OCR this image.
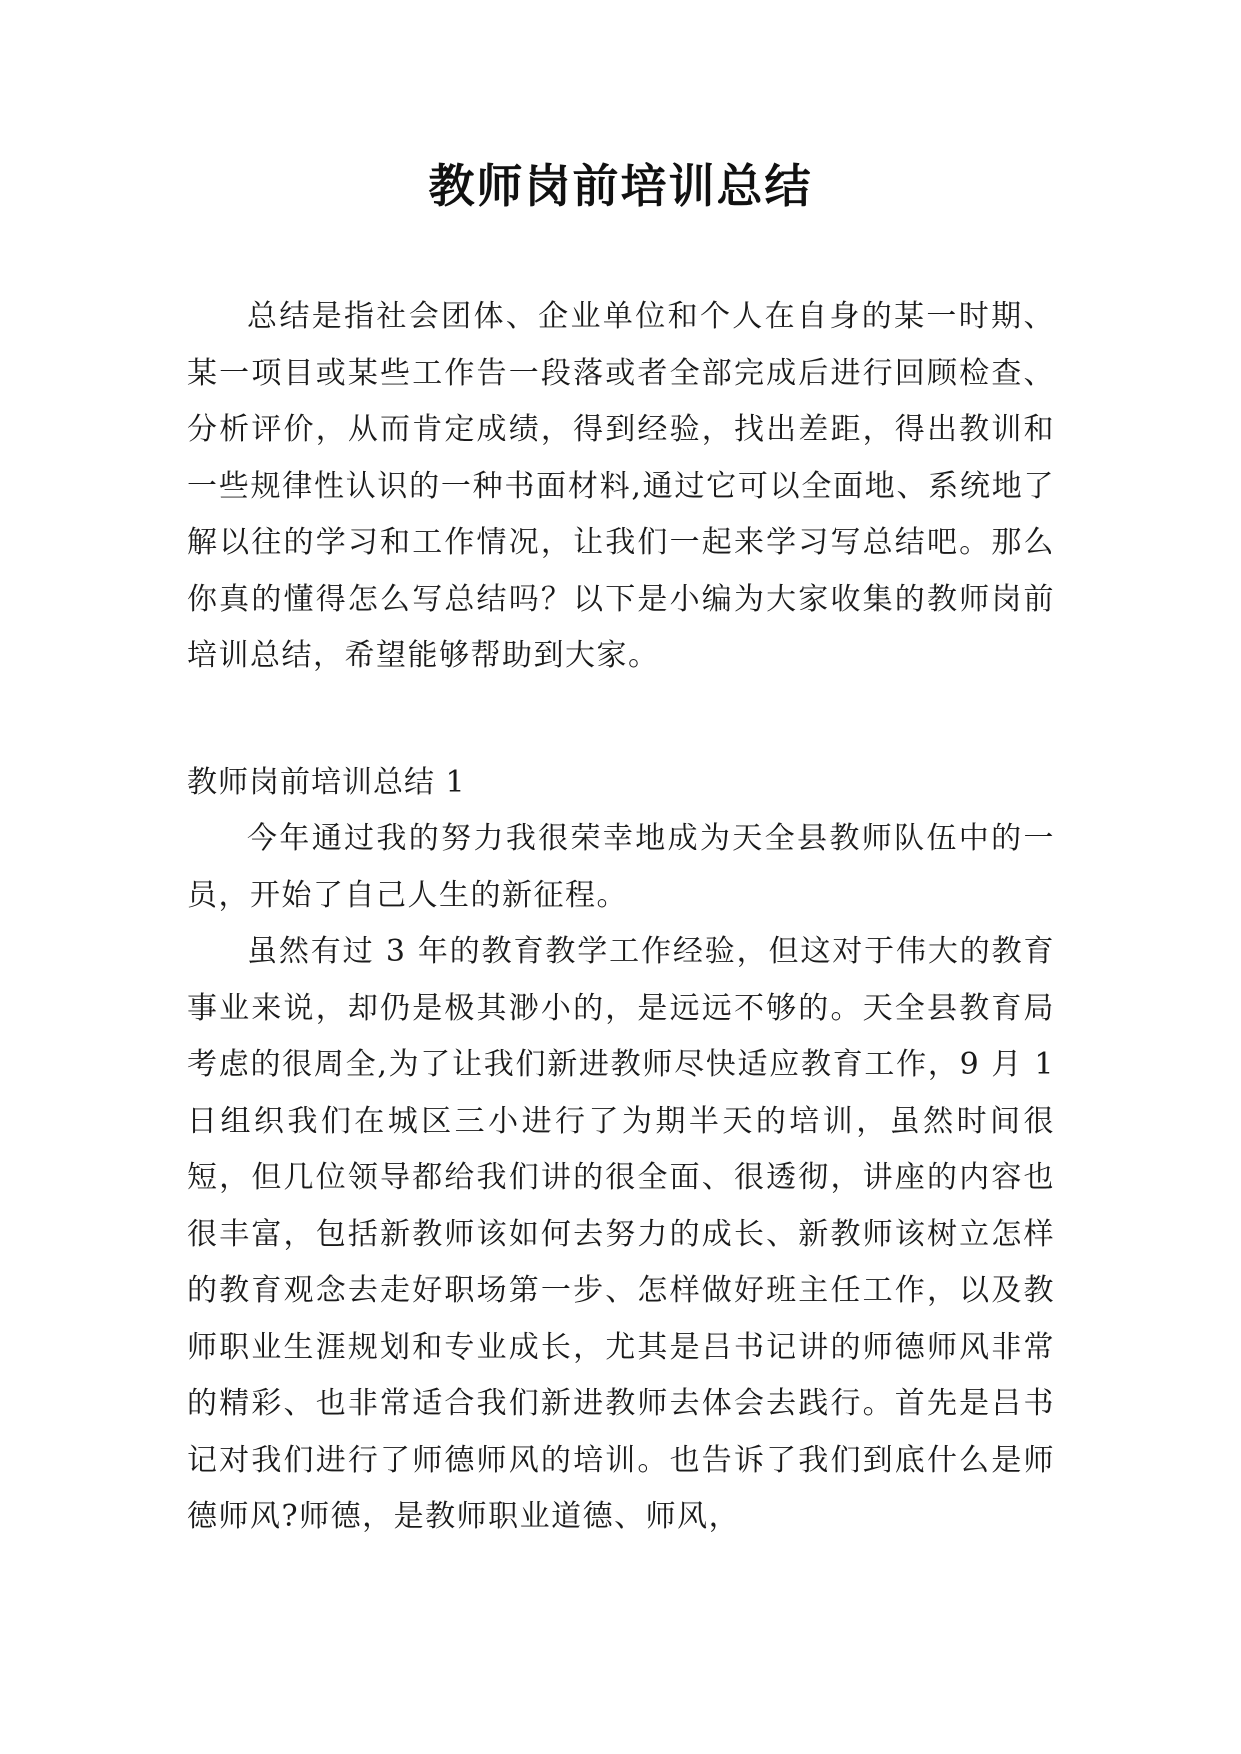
教师岗前培训总结

总结是指社会团体、企业单位和个人在自身的某一时期、某一项目或某些工作告一段落或者全部完成后进行回顾检查、分析评价，从而肯定成绩，得到经验，找出差距，得出教训和一些规律性认识的一种书面材料,通过它可以全面地、系统地了解以往的学习和工作情况，让我们一起来学习写总结吧。那么你真的懂得怎么写总结吗？以下是小编为大家收集的教师岗前培训总结，希望能够帮助到大家。

教师岗前培训总结 1

今年通过我的努力我很荣幸地成为天全县教师队伍中的一员，开始了自己人生的新征程。

虽然有过 3 年的教育教学工作经验，但这对于伟大的教育事业来说，却仍是极其渺小的，是远远不够的。天全县教育局考虑的很周全,为了让我们新进教师尽快适应教育工作，9 月 1 日组织我们在城区三小进行了为期半天的培训，虽然时间很短，但几位领导都给我们讲的很全面、很透彻，讲座的内容也很丰富，包括新教师该如何去努力的成长、新教师该树立怎样的教育观念去走好职场第一步、怎样做好班主任工作，以及教师职业生涯规划和专业成长，尤其是吕书记讲的师德师风非常的精彩、也非常适合我们新进教师去体会去践行。首先是吕书记对我们进行了师德师风的培训。也告诉了我们到底什么是师德师风?师德，是教师职业道德、师风，
